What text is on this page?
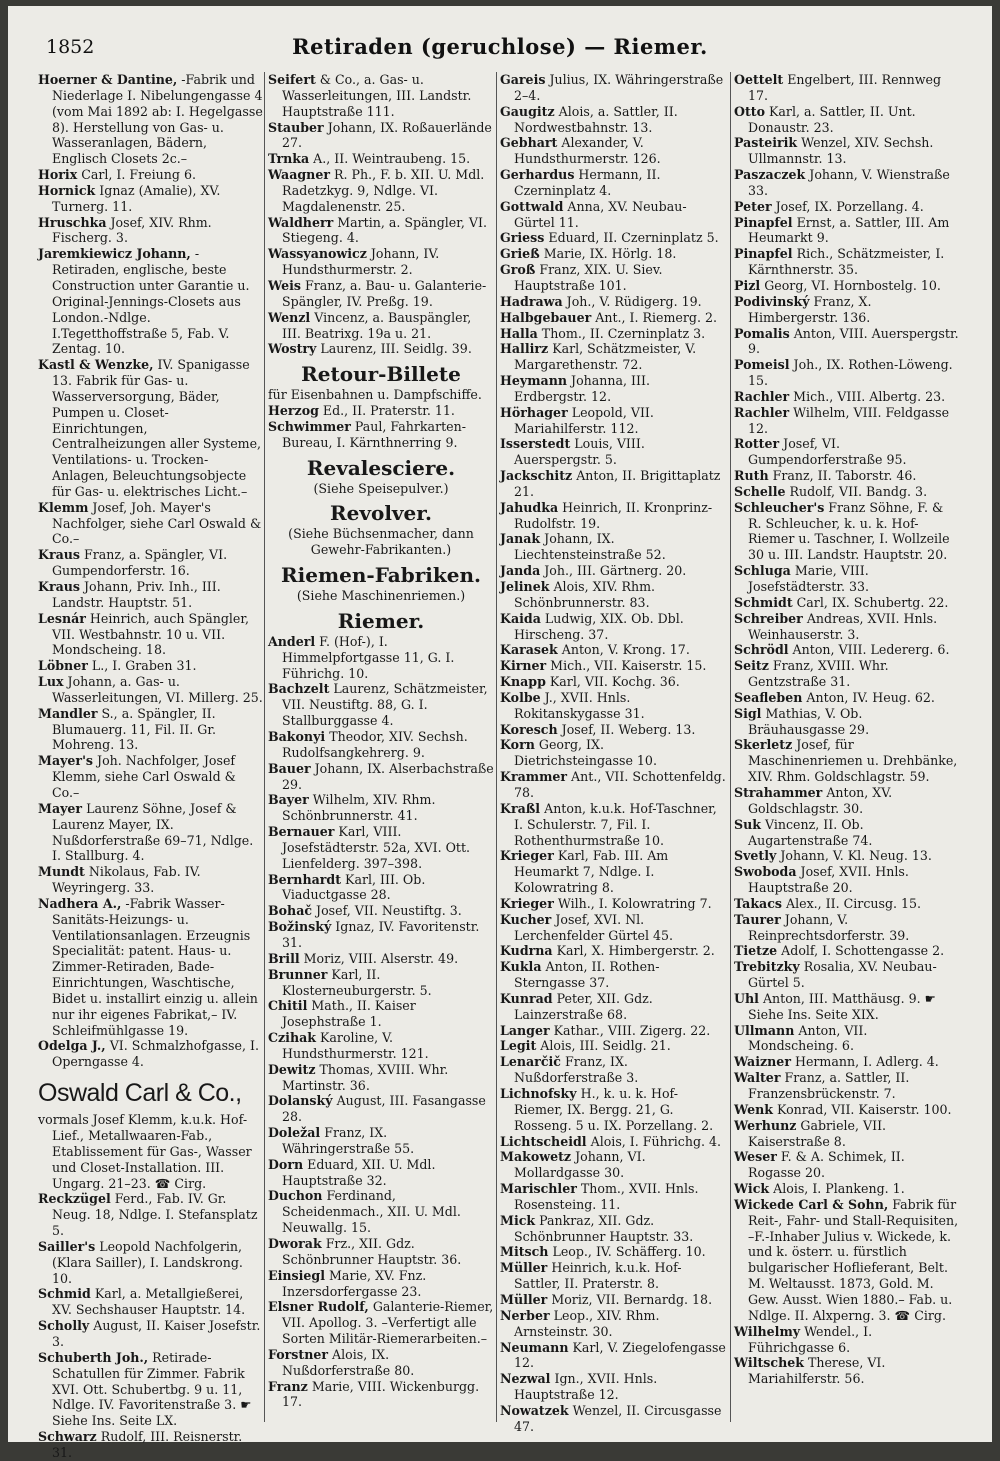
1852	Retiraden (geruchlose) — Riemer.

Hoerner & Dantine, -Fabrik und Niederlage I. Nibelungengasse 4 (vom Mai 1892 ab: I. Hegelgasse 8). Herstellung von Gas- u. Wasseranlagen, Bädern, Englisch Closets 2c.–

Horix Carl, I. Freiung 6.

Hornick Ignaz (Amalie), XV. Turnerg. 11.

Hruschka Josef, XIV. Rhm. Fischerg. 3.

Jaremkiewicz Johann, -Retiraden, englische, beste Construction unter Garantie u. Original-Jennings-Closets aus London.-Ndlge. I.Tegetthoffstraße 5, Fab. V. Zentag. 10.

Kastl & Wenzke, IV. Spanigasse 13. Fabrik für Gas- u. Wasserversorgung, Bäder, Pumpen u. Closet-Einrichtungen, Centralheizungen aller Systeme, Ventilations- u. Trocken-Anlagen, Beleuchtungsobjecte für Gas- u. elektrisches Licht.–

Klemm Josef, Joh. Mayer's Nachfolger, siehe Carl Oswald & Co.–

Kraus Franz, a. Spängler, VI. Gumpendorferstr. 16.

Kraus Johann, Priv. Inh., III. Landstr. Hauptstr. 51.

Lesnár Heinrich, auch Spängler, VII. Westbahnstr. 10 u. VII. Mondscheing. 18.

Löbner L., I. Graben 31.

Lux Johann, a. Gas- u. Wasserleitungen, VI. Millerg. 25.

Mandler S., a. Spängler, II. Blumauerg. 11, Fil. II. Gr. Mohreng. 13.

Mayer's Joh. Nachfolger, Josef Klemm, siehe Carl Oswald & Co.–

Mayer Laurenz Söhne, Josef & Laurenz Mayer, IX. Nußdorferstraße 69–71, Ndlge. I. Stallburg. 4.

Mundt Nikolaus, Fab. IV. Weyringerg. 33.

Nadhera A., -Fabrik Wasser-Sanitäts-Heizungs- u. Ventilationsanlagen. Erzeugnis Specialität: patent. Haus- u. Zimmer-Retiraden, Bade-Einrichtungen, Waschtische, Bidet u. installirt einzig u. allein nur ihr eigenes Fabrikat,– IV. Schleifmühlgasse 19.

Odelga J., VI. Schmalzhofgasse, I. Operngasse 4.

Oswald Carl & Co.,

vormals Josef Klemm, k.u.k. Hof-Lief., Metallwaaren-Fab., Etablissement für Gas-, Wasser und Closet-Installation. III. Ungarg. 21–23. ☎ Cirg.

Reckzügel Ferd., Fab. IV. Gr. Neug. 18, Ndlge. I. Stefansplatz 5.

Sailler's Leopold Nachfolgerin, (Klara Sailler), I. Landskrong. 10.

Schmid Karl, a. Metallgießerei, XV. Sechshauser Hauptstr. 14.

Scholly August, II. Kaiser Josefstr. 3.

Schuberth Joh., Retirade-Schatullen für Zimmer. Fabrik XVI. Ott. Schubertbg. 9 u. 11, Ndlge. IV. Favoritenstraße 3. ☛ Siehe Ins. Seite LX.

Schwarz Rudolf, III. Reisnerstr. 31.

Seifert & Co., a. Gas- u. Wasserleitungen, III. Landstr. Hauptstraße 111.

Stauber Johann, IX. Roßauerlände 27.

Trnka A., II. Weintraubeng. 15.

Waagner R. Ph., F. b. XII. U. Mdl. Radetzkyg. 9, Ndlge. VI. Magdalenenstr. 25.

Waldherr Martin, a. Spängler, VI. Stiegeng. 4.

Wassyanowicz Johann, IV. Hundsthurmerstr. 2.

Weis Franz, a. Bau- u. Galanterie-Spängler, IV. Preßg. 19.

Wenzl Vincenz, a. Bauspängler, III. Beatrixg. 19a u. 21.

Wostry Laurenz, III. Seidlg. 39.

Retour-Billete

für Eisenbahnen u. Dampfschiffe.

Herzog Ed., II. Praterstr. 11.

Schwimmer Paul, Fahrkarten-Bureau, I. Kärnthnerring 9.

Revalesciere.

(Siehe Speisepulver.)

Revolver.

(Siehe Büchsenmacher, dann Gewehr-Fabrikanten.)

Riemen-Fabriken.

(Siehe Maschinenriemen.)

Riemer.

Anderl F. (Hof-), I. Himmelpfortgasse 11, G. I. Führichg. 10.

Bachzelt Laurenz, Schätzmeister, VII. Neustiftg. 88, G. I. Stallburggasse 4.

Bakonyi Theodor, XIV. Sechsh. Rudolfsangkehrerg. 9.

Bauer Johann, IX. Alserbachstraße 29.

Bayer Wilhelm, XIV. Rhm. Schönbrunnerstr. 41.

Bernauer Karl, VIII. Josefstädterstr. 52a, XVI. Ott. Lienfelderg. 397–398.

Bernhardt Karl, III. Ob. Viaductgasse 28.

Bohač Josef, VII. Neustiftg. 3.

Božinský Ignaz, IV. Favoritenstr. 31.

Brill Moriz, VIII. Alserstr. 49.

Brunner Karl, II. Klosterneuburgerstr. 5.

Chitil Math., II. Kaiser Josephstraße 1.

Czihak Karoline, V. Hundsthurmerstr. 121.

Dewitz Thomas, XVIII. Whr. Martinstr. 36.

Dolanský August, III. Fasangasse 28.

Doležal Franz, IX. Währingerstraße 55.

Dorn Eduard, XII. U. Mdl. Hauptstraße 32.

Duchon Ferdinand, Scheidenmach., XII. U. Mdl. Neuwallg. 15.

Dworak Frz., XII. Gdz. Schönbrunner Hauptstr. 36.

Einsiegl Marie, XV. Fnz. Inzersdorfergasse 23.

Elsner Rudolf, Galanterie-Riemer, VII. Apollog. 3. –Verfertigt alle Sorten Militär-Riemerarbeiten.–

Forstner Alois, IX. Nußdorferstraße 80.

Franz Marie, VIII. Wickenburgg. 17.

Gareis Julius, IX. Währingerstraße 2–4.

Gaugitz Alois, a. Sattler, II. Nordwestbahnstr. 13.

Gebhart Alexander, V. Hundsthurmerstr. 126.

Gerhardus Hermann, II. Czerninplatz 4.

Gottwald Anna, XV. Neubau-Gürtel 11.

Griess Eduard, II. Czerninplatz 5.

Grieß Marie, IX. Hörlg. 18.

Groß Franz, XIX. U. Siev. Hauptstraße 101.

Hadrawa Joh., V. Rüdigerg. 19.

Halbgebauer Ant., I. Riemerg. 2.

Halla Thom., II. Czerninplatz 3.

Hallirz Karl, Schätzmeister, V. Margarethenstr. 72.

Heymann Johanna, III. Erdbergstr. 12.

Hörhager Leopold, VII. Mariahilferstr. 112.

Isserstedt Louis, VIII. Auerspergstr. 5.

Jackschitz Anton, II. Brigittaplatz 21.

Jahudka Heinrich, II. Kronprinz-Rudolfstr. 19.

Janak Johann, IX. Liechtensteinstraße 52.

Janda Joh., III. Gärtnerg. 20.

Jelinek Alois, XIV. Rhm. Schönbrunnerstr. 83.

Kaida Ludwig, XIX. Ob. Dbl. Hirscheng. 37.

Karasek Anton, V. Krong. 17.

Kirner Mich., VII. Kaiserstr. 15.

Knapp Karl, VII. Kochg. 36.

Kolbe J., XVII. Hnls. Rokitanskygasse 31.

Koresch Josef, II. Weberg. 13.

Korn Georg, IX. Dietrichsteingasse 10.

Krammer Ant., VII. Schottenfeldg. 78.

Kraßl Anton, k.u.k. Hof-Taschner, I. Schulerstr. 7, Fil. I. Rothenthurmstraße 10.

Krieger Karl, Fab. III. Am Heumarkt 7, Ndlge. I. Kolowratring 8.

Krieger Wilh., I. Kolowratring 7.

Kucher Josef, XVI. Nl. Lerchenfelder Gürtel 45.

Kudrna Karl, X. Himbergerstr. 2.

Kukla Anton, II. Rothen-Sterngasse 37.

Kunrad Peter, XII. Gdz. Lainzerstraße 68.

Langer Kathar., VIII. Zigerg. 22.

Legit Alois, III. Seidlg. 21.

Lenarčič Franz, IX. Nußdorferstraße 3.

Lichnofsky H., k. u. k. Hof-Riemer, IX. Bergg. 21, G. Rosseng. 5 u. IX. Porzellang. 2.

Lichtscheidl Alois, I. Führichg. 4.

Makowetz Johann, VI. Mollardgasse 30.

Marischler Thom., XVII. Hnls. Rosensteing. 11.

Mick Pankraz, XII. Gdz. Schönbrunner Hauptstr. 33.

Mitsch Leop., IV. Schäfferg. 10.

Müller Heinrich, k.u.k. Hof-Sattler, II. Praterstr. 8.

Müller Moriz, VII. Bernardg. 18.

Nerber Leop., XIV. Rhm. Arnsteinstr. 30.

Neumann Karl, V. Ziegelofengasse 12.

Nezwal Ign., XVII. Hnls. Hauptstraße 12.

Nowatzek Wenzel, II. Circusgasse 47.

Oettelt Engelbert, III. Rennweg 17.

Otto Karl, a. Sattler, II. Unt. Donaustr. 23.

Pasteirik Wenzel, XIV. Sechsh. Ullmannstr. 13.

Paszaczek Johann, V. Wienstraße 33.

Peter Josef, IX. Porzellang. 4.

Pinapfel Ernst, a. Sattler, III. Am Heumarkt 9.

Pinapfel Rich., Schätzmeister, I. Kärnthnerstr. 35.

Pizl Georg, VI. Hornbostelg. 10.

Podivinský Franz, X. Himbergerstr. 136.

Pomalis Anton, VIII. Auerspergstr. 9.

Pomeisl Joh., IX. Rothen-Löweng. 15.

Rachler Mich., VIII. Albertg. 23.

Rachler Wilhelm, VIII. Feldgasse 12.

Rotter Josef, VI. Gumpendorferstraße 95.

Ruth Franz, II. Taborstr. 46.

Schelle Rudolf, VII. Bandg. 3.

Schleucher's Franz Söhne, F. & R. Schleucher, k. u. k. Hof-Riemer u. Taschner, I. Wollzeile 30 u. III. Landstr. Hauptstr. 20.

Schluga Marie, VIII. Josefstädterstr. 33.

Schmidt Carl, IX. Schubertg. 22.

Schreiber Andreas, XVII. Hnls. Weinhauserstr. 3.

Schrödl Anton, VIII. Ledererg. 6.

Seitz Franz, XVIII. Whr. Gentzstraße 31.

Seafleben Anton, IV. Heug. 62.

Sigl Mathias, V. Ob. Bräuhausgasse 29.

Skerletz Josef, für Maschinenriemen u. Drehbänke, XIV. Rhm. Goldschlagstr. 59.

Strahammer Anton, XV. Goldschlagstr. 30.

Suk Vincenz, II. Ob. Augartenstraße 74.

Svetly Johann, V. Kl. Neug. 13.

Swoboda Josef, XVII. Hnls. Hauptstraße 20.

Takacs Alex., II. Circusg. 15.

Taurer Johann, V. Reinprechtsdorferstr. 39.

Tietze Adolf, I. Schottengasse 2.

Trebitzky Rosalia, XV. Neubau-Gürtel 5.

Uhl Anton, III. Matthäusg. 9. ☛ Siehe Ins. Seite XIX.

Ullmann Anton, VII. Mondscheing. 6.

Waizner Hermann, I. Adlerg. 4.

Walter Franz, a. Sattler, II. Franzensbrückenstr. 7.

Wenk Konrad, VII. Kaiserstr. 100.

Werhunz Gabriele, VII. Kaiserstraße 8.

Weser F. & A. Schimek, II. Rogasse 20.

Wick Alois, I. Plankeng. 1.

Wickede Carl & Sohn, Fabrik für Reit-, Fahr- und Stall-Requisiten, –F.-Inhaber Julius v. Wickede, k. und k. österr. u. fürstlich bulgarischer Hoflieferant, Belt. M. Weltausst. 1873, Gold. M. Gew. Ausst. Wien 1880.– Fab. u. Ndlge. II. Alxperng. 3. ☎ Cirg.

Wilhelmy Wendel., I. Führichgasse 6.

Wiltschek Therese, VI. Mariahilferstr. 56.
